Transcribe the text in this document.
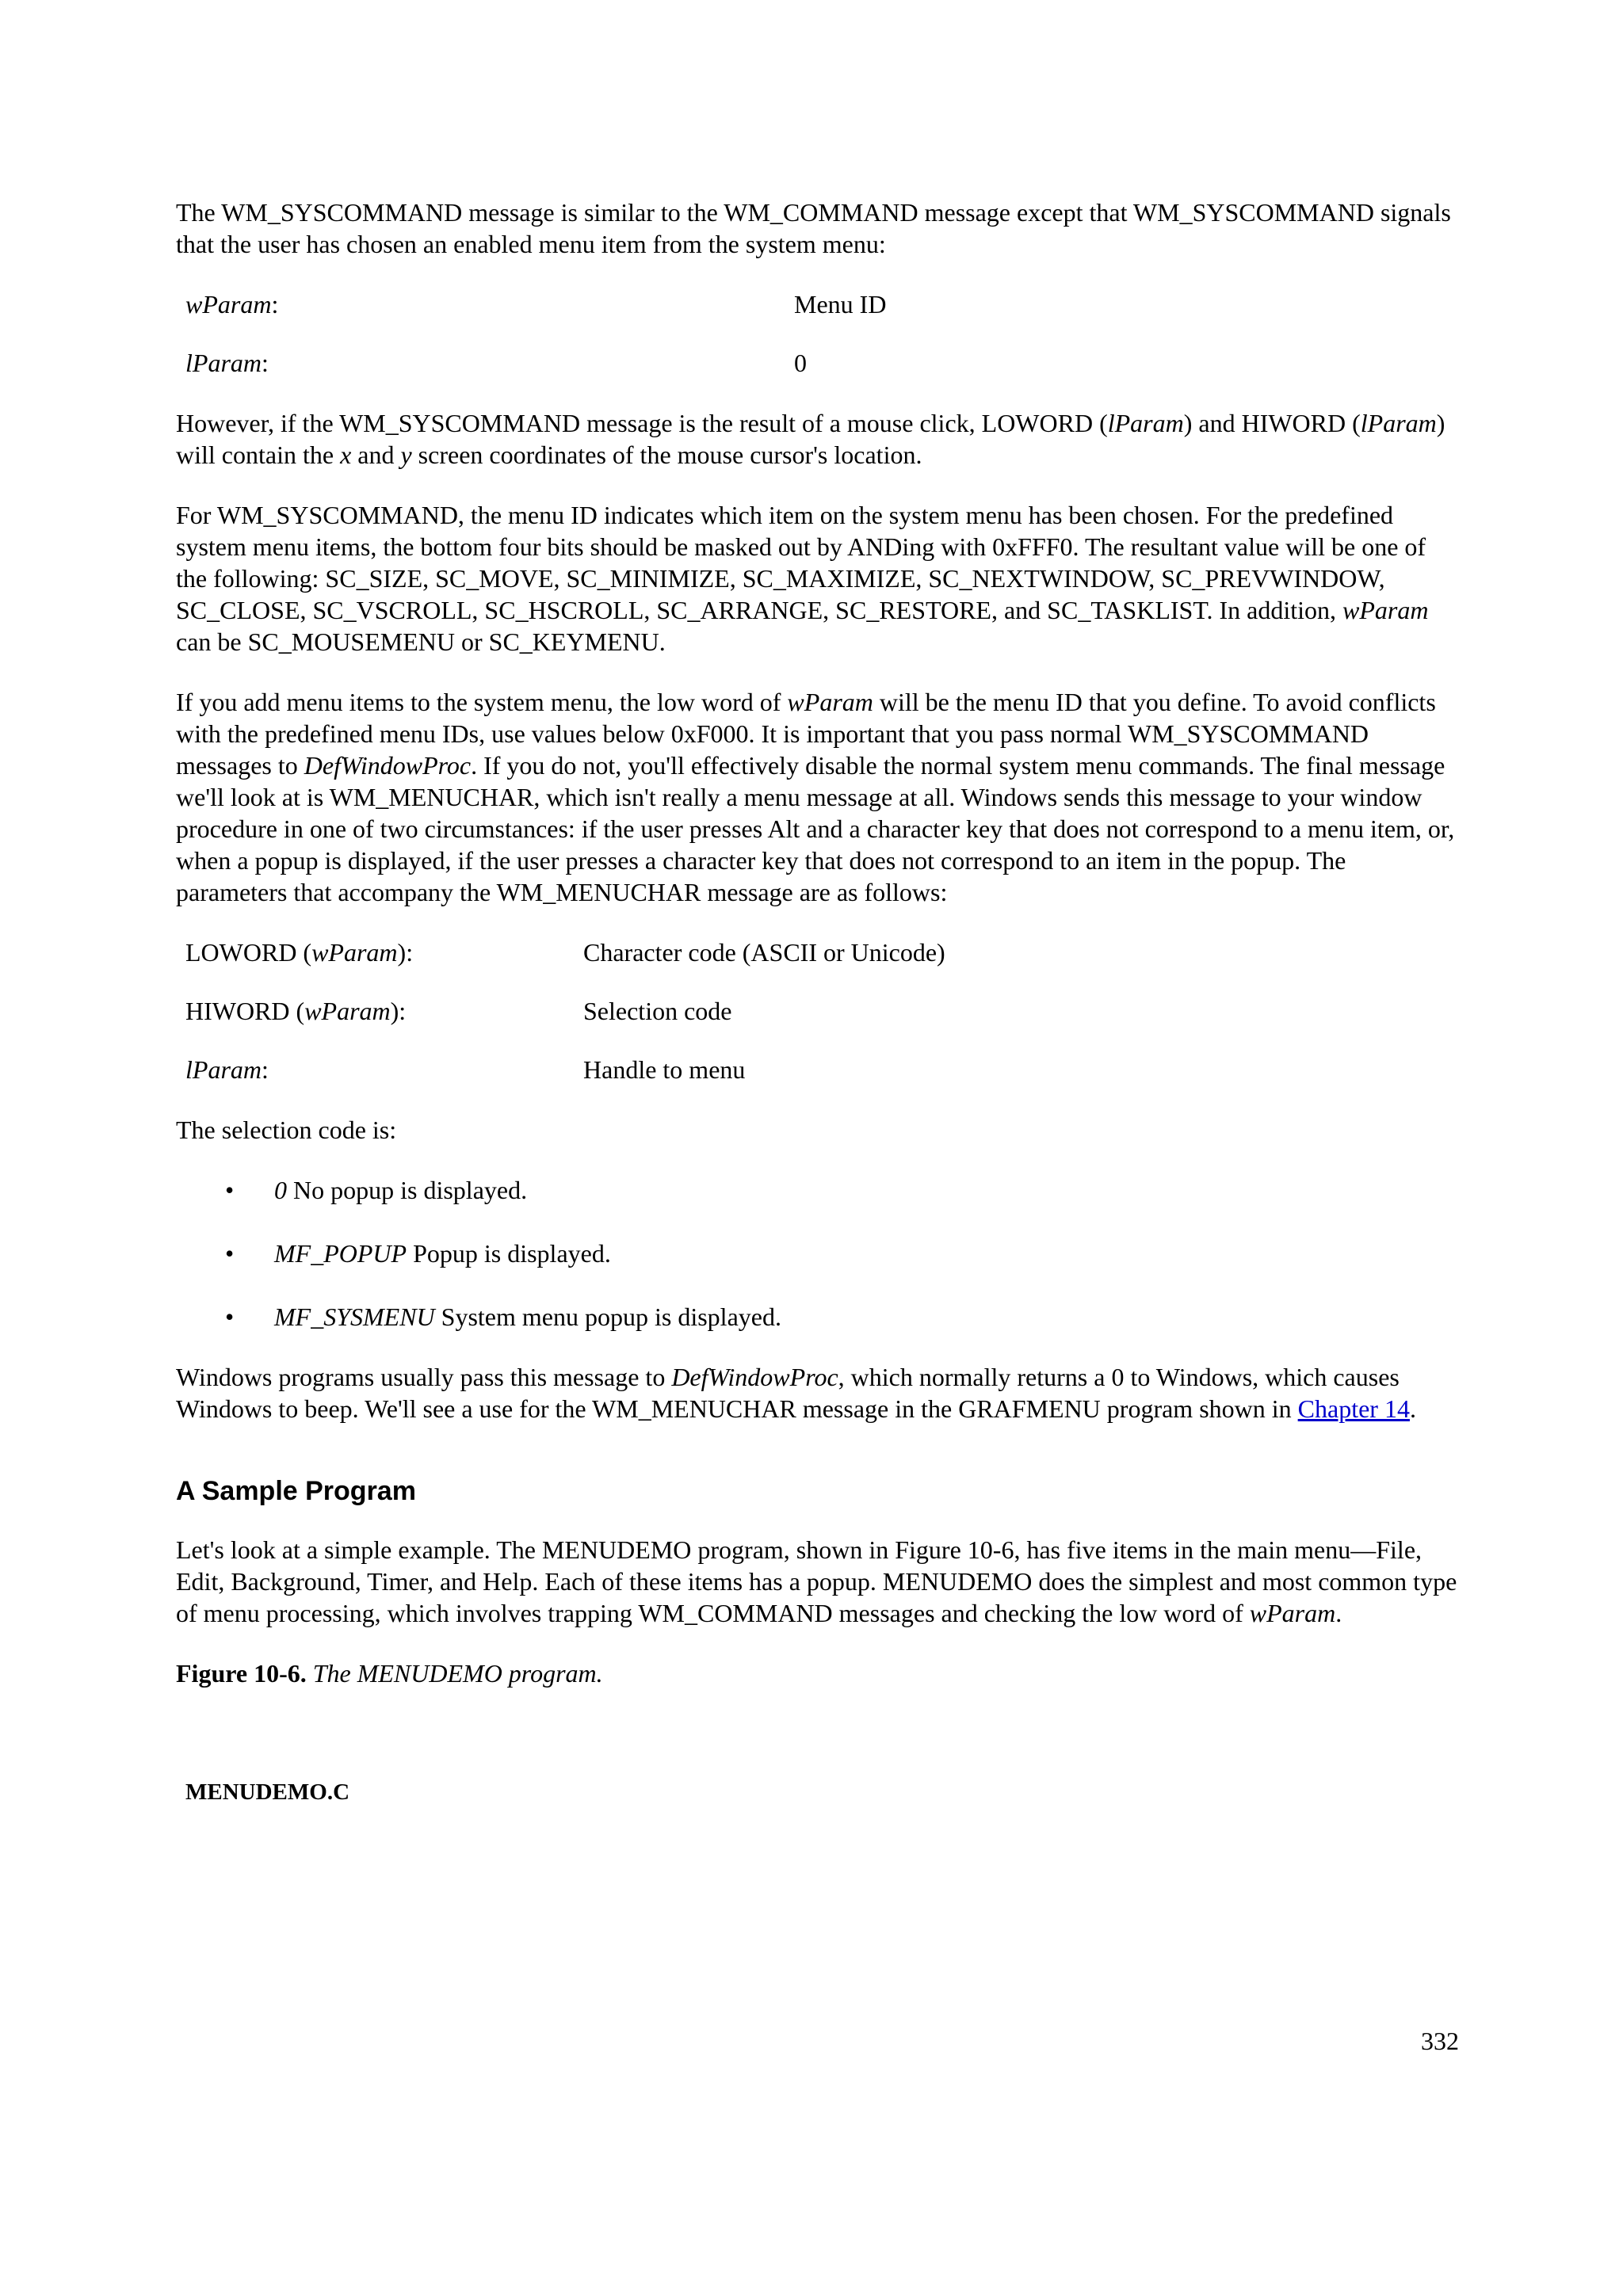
The WM_SYSCOMMAND message is similar to the WM_COMMAND message except that WM_SYSCOMMAND signals that the user has chosen an enabled menu item from the system menu:

wParam:	Menu ID
lParam:	0

However, if the WM_SYSCOMMAND message is the result of a mouse click, LOWORD (lParam) and HIWORD (lParam) will contain the x and y screen coordinates of the mouse cursor's location.

For WM_SYSCOMMAND, the menu ID indicates which item on the system menu has been chosen. For the predefined system menu items, the bottom four bits should be masked out by ANDing with 0xFFF0. The resultant value will be one of the following: SC_SIZE, SC_MOVE, SC_MINIMIZE, SC_MAXIMIZE, SC_NEXTWINDOW, SC_PREVWINDOW, SC_CLOSE, SC_VSCROLL, SC_HSCROLL, SC_ARRANGE, SC_RESTORE, and SC_TASKLIST. In addition, wParam can be SC_MOUSEMENU or SC_KEYMENU.

If you add menu items to the system menu, the low word of wParam will be the menu ID that you define. To avoid conflicts with the predefined menu IDs, use values below 0xF000. It is important that you pass normal WM_SYSCOMMAND messages to DefWindowProc. If you do not, you'll effectively disable the normal system menu commands. The final message we'll look at is WM_MENUCHAR, which isn't really a menu message at all. Windows sends this message to your window procedure in one of two circumstances: if the user presses Alt and a character key that does not correspond to a menu item, or, when a popup is displayed, if the user presses a character key that does not correspond to an item in the popup. The parameters that accompany the WM_MENUCHAR message are as follows:

LOWORD (wParam):	Character code (ASCII or Unicode)
HIWORD (wParam):	Selection code
lParam:	Handle to menu

The selection code is:

• 0 No popup is displayed.
• MF_POPUP Popup is displayed.
• MF_SYSMENU System menu popup is displayed.

Windows programs usually pass this message to DefWindowProc, which normally returns a 0 to Windows, which causes Windows to beep. We'll see a use for the WM_MENUCHAR message in the GRAFMENU program shown in Chapter 14.

A Sample Program

Let's look at a simple example. The MENUDEMO program, shown in Figure 10-6, has five items in the main menu—File, Edit, Background, Timer, and Help. Each of these items has a popup. MENUDEMO does the simplest and most common type of menu processing, which involves trapping WM_COMMAND messages and checking the low word of wParam.

Figure 10-6. The MENUDEMO program.

MENUDEMO.C
332
